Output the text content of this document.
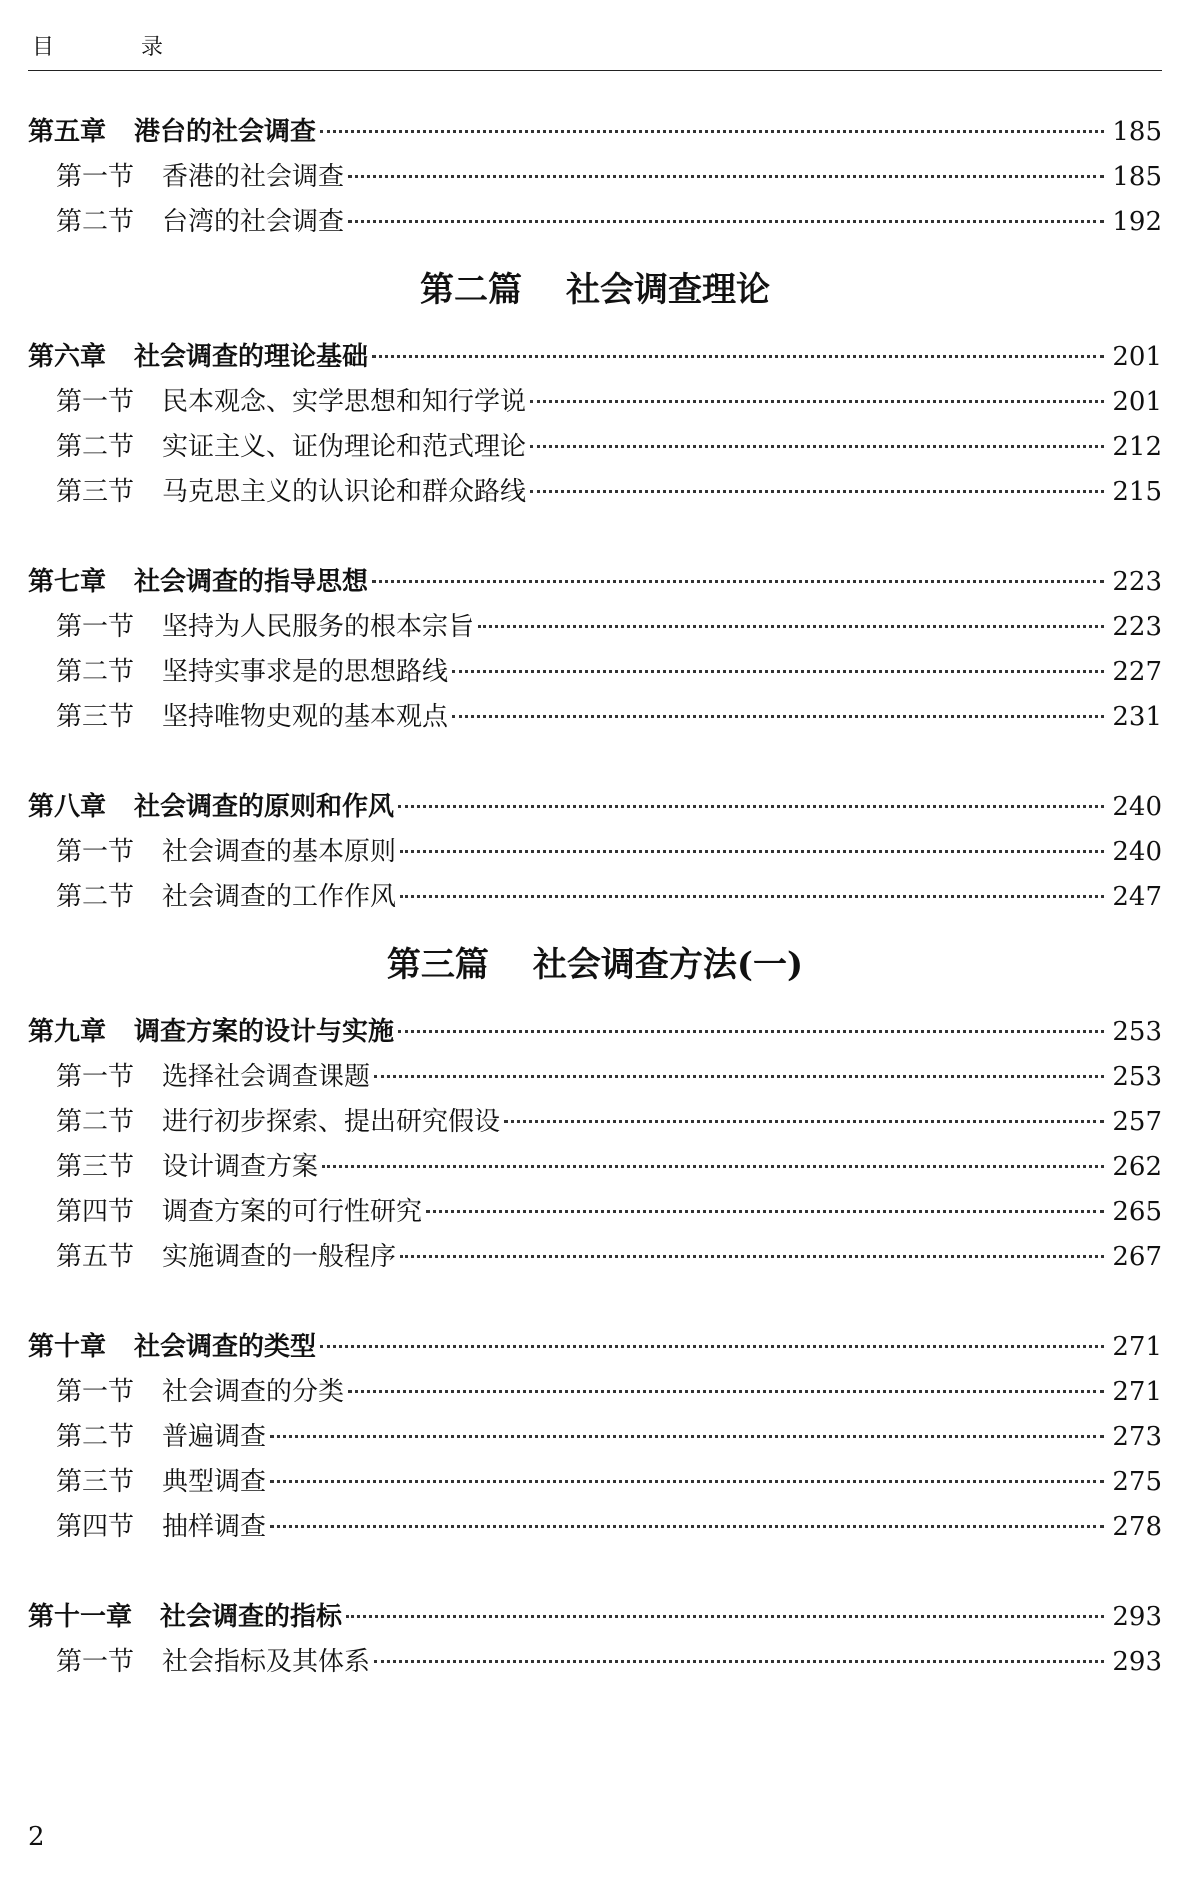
目 录
第五章 港台的社会调查	185
第一节 香港的社会调查	185
第二节 台湾的社会调查	192
第二篇 社会调查理论
第六章 社会调查的理论基础	201
第一节 民本观念、实学思想和知行学说	201
第二节 实证主义、证伪理论和范式理论	212
第三节 马克思主义的认识论和群众路线	215
第七章 社会调查的指导思想	223
第一节 坚持为人民服务的根本宗旨	223
第二节 坚持实事求是的思想路线	227
第三节 坚持唯物史观的基本观点	231
第八章 社会调查的原则和作风	240
第一节 社会调查的基本原则	240
第二节 社会调查的工作作风	247
第三篇 社会调查方法(一)
第九章 调查方案的设计与实施	253
第一节 选择社会调查课题	253
第二节 进行初步探索、提出研究假设	257
第三节 设计调查方案	262
第四节 调查方案的可行性研究	265
第五节 实施调查的一般程序	267
第十章 社会调查的类型	271
第一节 社会调查的分类	271
第二节 普遍调查	273
第三节 典型调查	275
第四节 抽样调查	278
第十一章 社会调查的指标	293
第一节 社会指标及其体系	293
2
